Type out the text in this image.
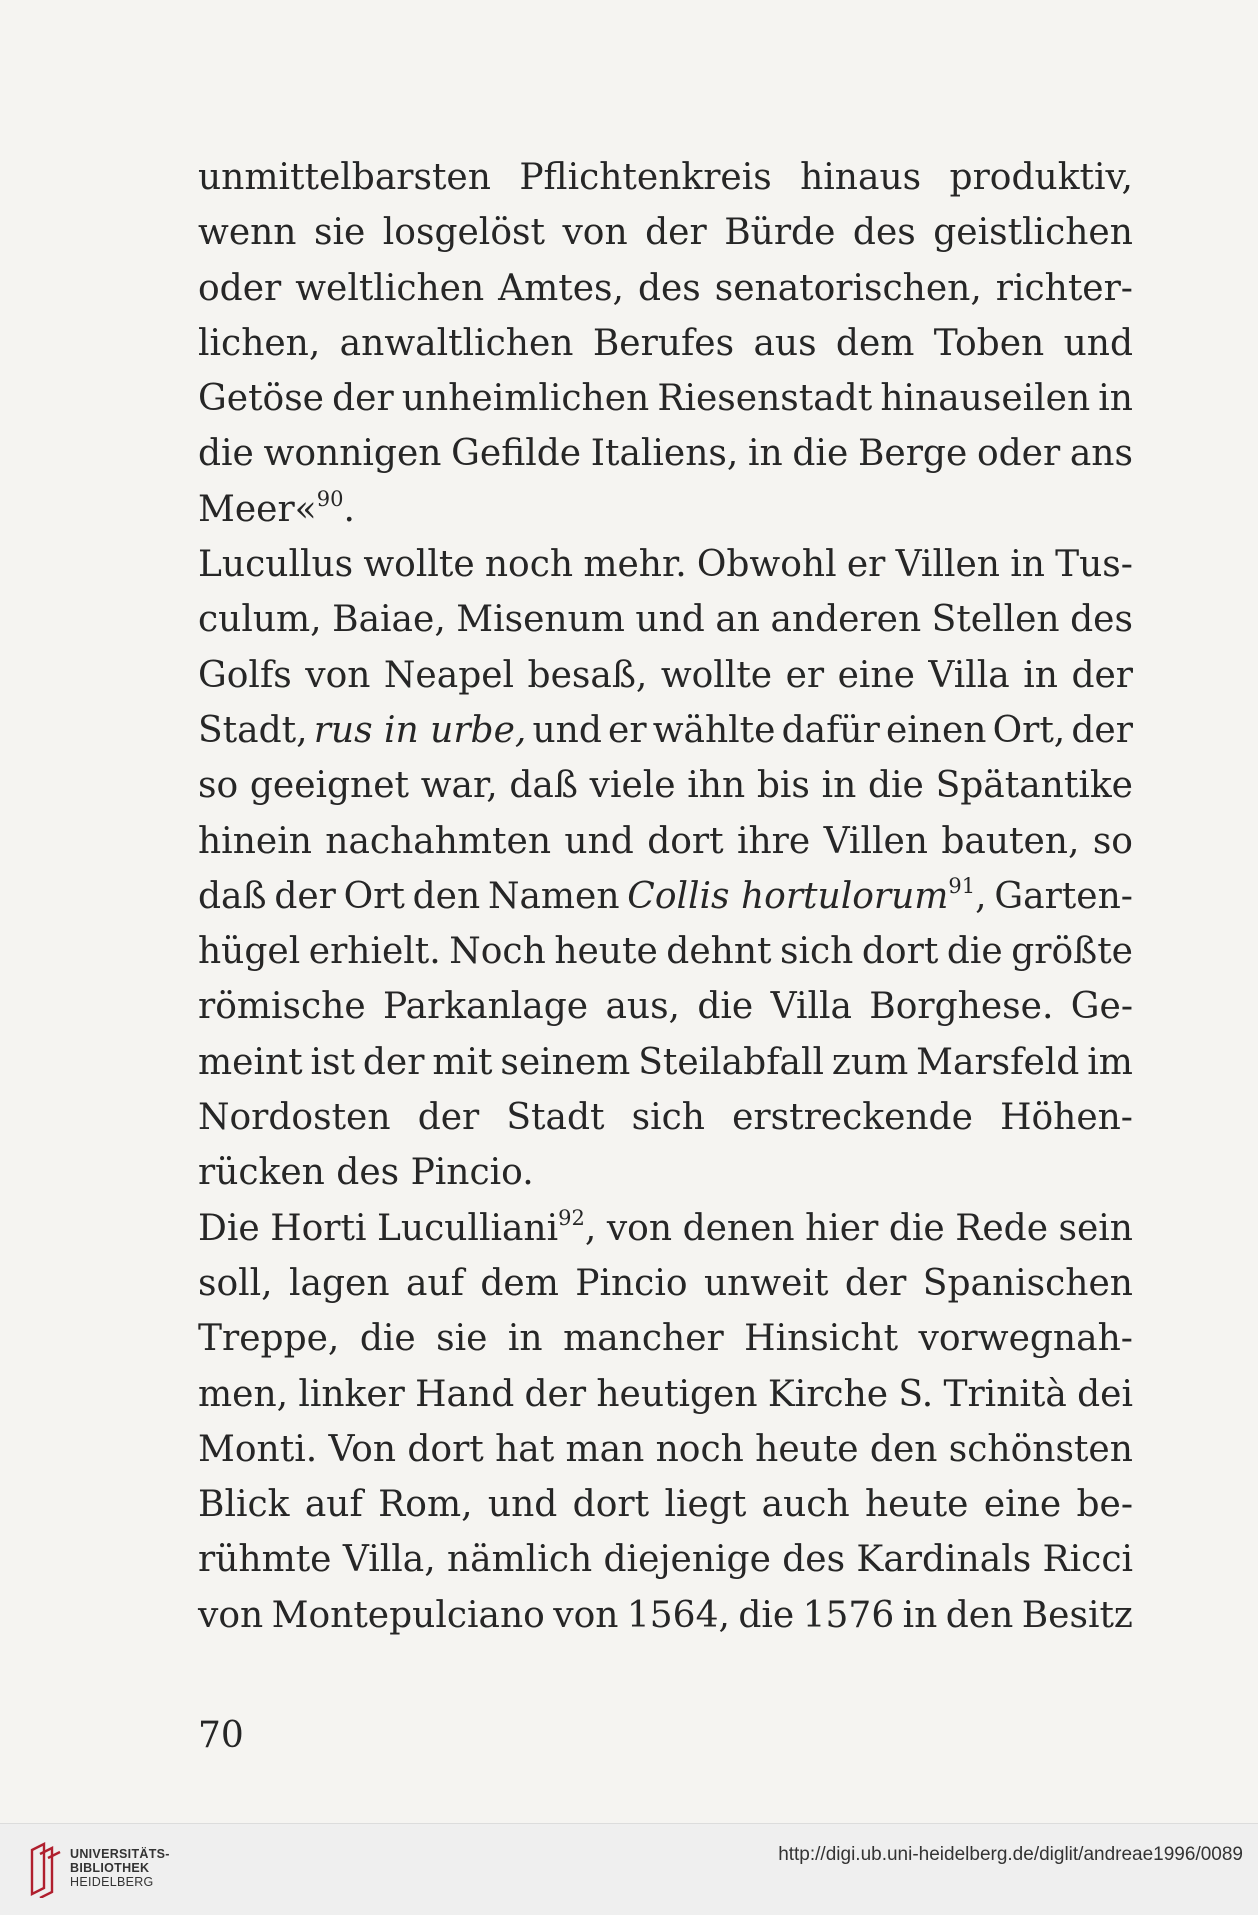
unmittelbarsten Pflichtenkreis hinaus produktiv,
wenn sie losgelöst von der Bürde des geistlichen
oder weltlichen Amtes, des senatorischen, richter-
lichen, anwaltlichen Berufes aus dem Toben und
Getöse der unheimlichen Riesenstadt hinauseilen in
die wonnigen Gefilde Italiens, in die Berge oder ans
Meer«$^{90}$.
Lucullus wollte noch mehr. Obwohl er Villen in Tus-
culum, Baiae, Misenum und an anderen Stellen des
Golfs von Neapel besaß, wollte er eine Villa in der
Stadt, rus in urbe, und er wählte dafür einen Ort, der
so geeignet war, daß viele ihn bis in die Spätantike
hinein nachahmten und dort ihre Villen bauten, so
daß der Ort den Namen Collis hortulorum$^{91}$, Garten-
hügel erhielt. Noch heute dehnt sich dort die größte
römische Parkanlage aus, die Villa Borghese. Ge-
meint ist der mit seinem Steilabfall zum Marsfeld im
Nordosten der Stadt sich erstreckende Höhen-
rücken des Pincio.
Die Horti Luculliani$^{92}$, von denen hier die Rede sein
soll, lagen auf dem Pincio unweit der Spanischen
Treppe, die sie in mancher Hinsicht vorwegnah-
men, linker Hand der heutigen Kirche S. Trinità dei
Monti. Von dort hat man noch heute den schönsten
Blick auf Rom, und dort liegt auch heute eine be-
rühmte Villa, nämlich diejenige des Kardinals Ricci
von Montepulciano von 1564, die 1576 in den Besitz
70
UNIVERSITÄTS-
BIBLIOTHEK
HEIDELBERG
http://digi.ub.uni-heidelberg.de/diglit/andreae1996/0089
